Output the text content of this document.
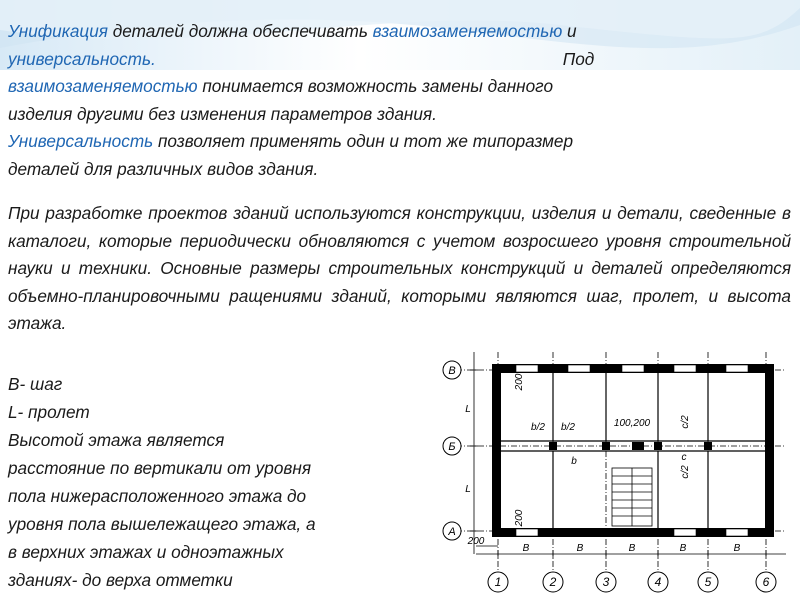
Унификация деталей должна обеспечивать взаимозаменяемостью и
универсальность.	Под
взаимозаменяемостью понимается возможность замены данного
изделия другими без изменения параметров здания.
Универсальность позволяет применять один и тот же типоразмер
деталей для различных видов здания.
При разработке проектов зданий используются конструкции, изделия и детали, сведенные в каталоги, которые периодически обновляются с учетом возросшего уровня строительной науки и техники. Основные размеры строительных конструкций и деталей определяются объемно-планировочными ращениями зданий, которыми являются шаг, пролет, и высота этажа.
В
Б
А
1	2	3	4	5	6
L
L
200
В	В	В	В	В
100,200
b/2 b/2
b	c
200
200
c/2
c/2
В- шаг
L- пролет
Высотой этажа является
расстояние по вертикали от уровня
пола нижерасположенного этажа до
уровня пола вышележащего этажа, а
в верхних этажах и одноэтажных
зданиях- до верха отметки
